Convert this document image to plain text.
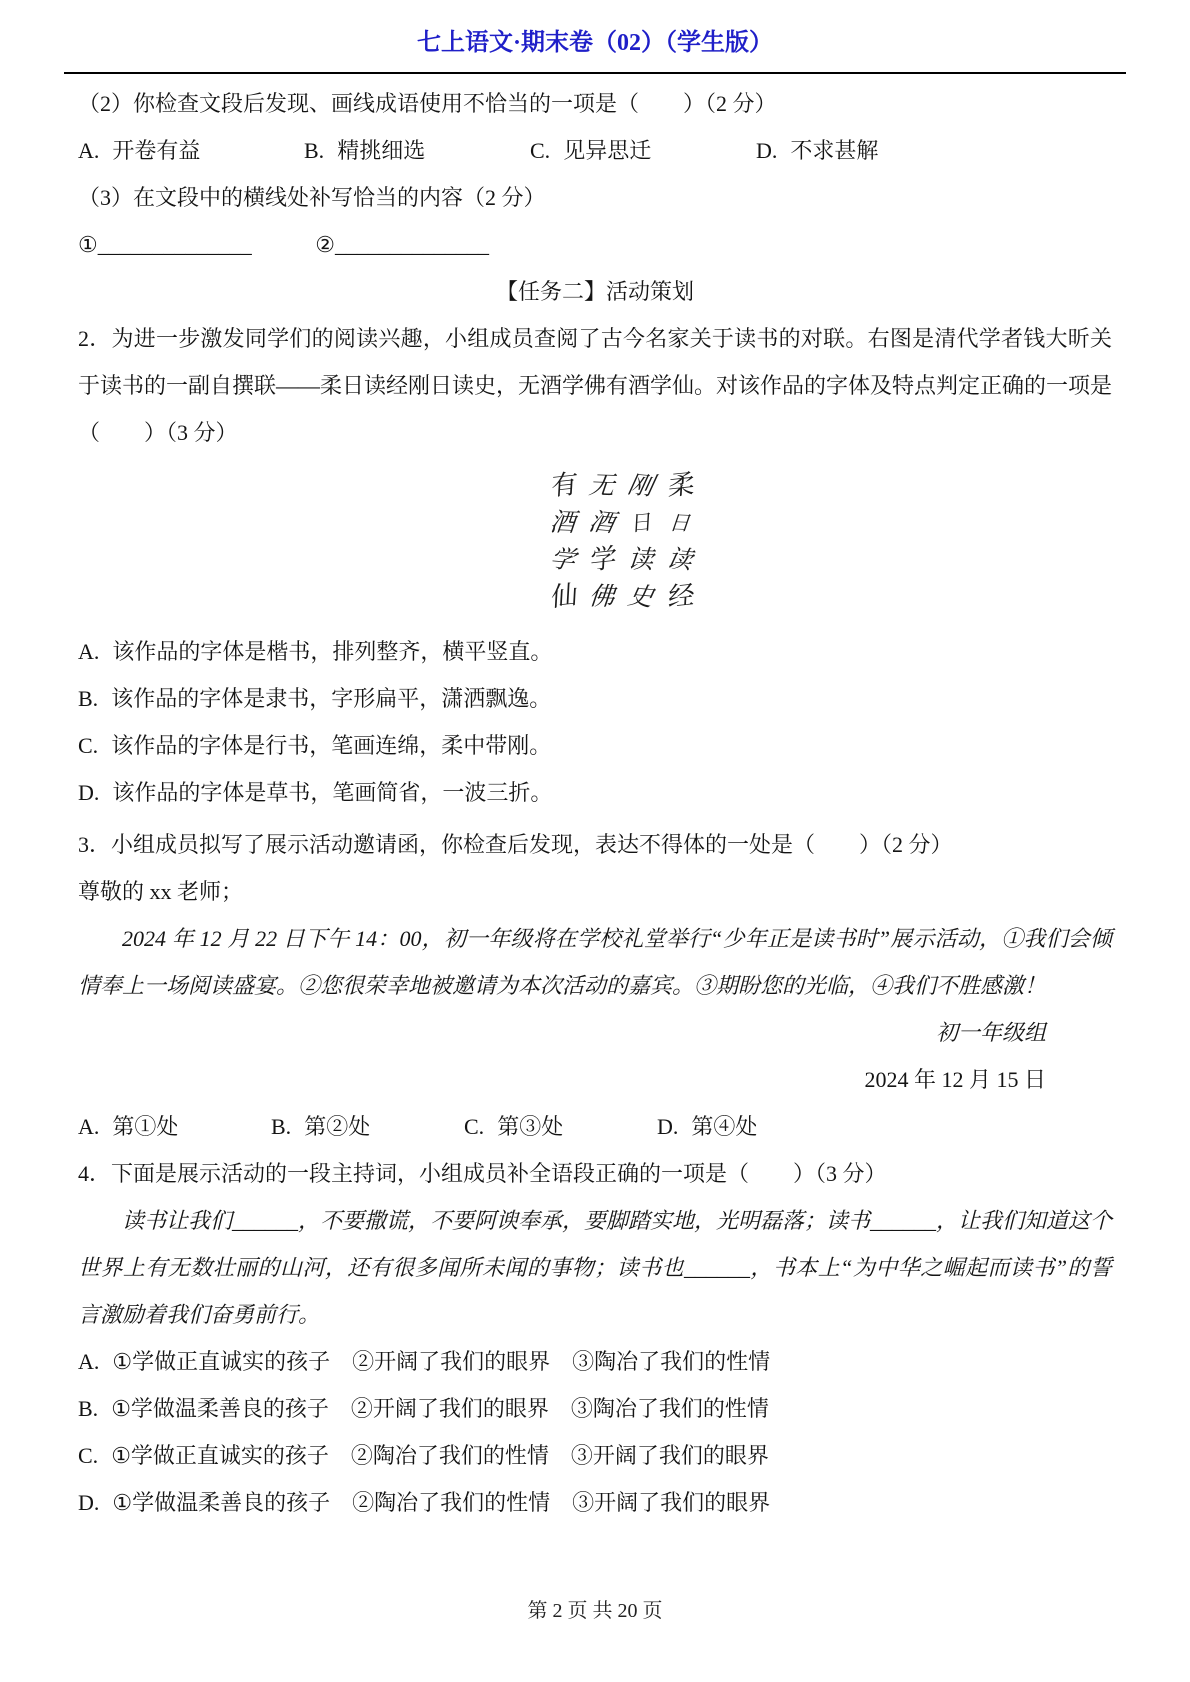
七上语文·期末卷（02）（学生版）

（2）你检查文段后发现、画线成语使用不恰当的一项是（　　）（2 分）

A. 开卷有益	B. 精挑细选	C. 见异思迁	D. 不求甚解

（3）在文段中的横线处补写恰当的内容（2 分）

①______________	②______________

【任务二】活动策划

2．为进一步激发同学们的阅读兴趣，小组成员查阅了古今名家关于读书的对联。右图是清代学者钱大昕关于读书的一副自撰联——柔日读经刚日读史，无酒学佛有酒学仙。对该作品的字体及特点判定正确的一项是（　　）（3 分）

有 无 刚 柔
酒 酒 日 日
学 学 读 读
仙 佛 史 经

A. 该作品的字体是楷书，排列整齐，横平竖直。

B. 该作品的字体是隶书，字形扁平，潇洒飘逸。

C. 该作品的字体是行书，笔画连绵，柔中带刚。

D. 该作品的字体是草书，笔画简省，一波三折。

3．小组成员拟写了展示活动邀请函，你检查后发现，表达不得体的一处是（　　）（2 分）

尊敬的 xx 老师；

2024 年 12 月 22 日下午 14：00，初一年级将在学校礼堂举行“少年正是读书时”展示活动，①我们会倾情奉上一场阅读盛宴。②您很荣幸地被邀请为本次活动的嘉宾。③期盼您的光临，④我们不胜感激！

初一年级组

2024 年 12 月 15 日

A. 第①处	B. 第②处	C. 第③处	D. 第④处

4．下面是展示活动的一段主持词，小组成员补全语段正确的一项是（　　）（3 分）

读书让我们______，不要撒谎，不要阿谀奉承，要脚踏实地，光明磊落；读书______，让我们知道这个世界上有无数壮丽的山河，还有很多闻所未闻的事物；读书也______，书本上“为中华之崛起而读书”的誓言激励着我们奋勇前行。

A. ①学做正直诚实的孩子　②开阔了我们的眼界　③陶冶了我们的性情

B. ①学做温柔善良的孩子　②开阔了我们的眼界　③陶冶了我们的性情

C. ①学做正直诚实的孩子　②陶冶了我们的性情　③开阔了我们的眼界

D. ①学做温柔善良的孩子　②陶冶了我们的性情　③开阔了我们的眼界

第 2 页 共 20 页
